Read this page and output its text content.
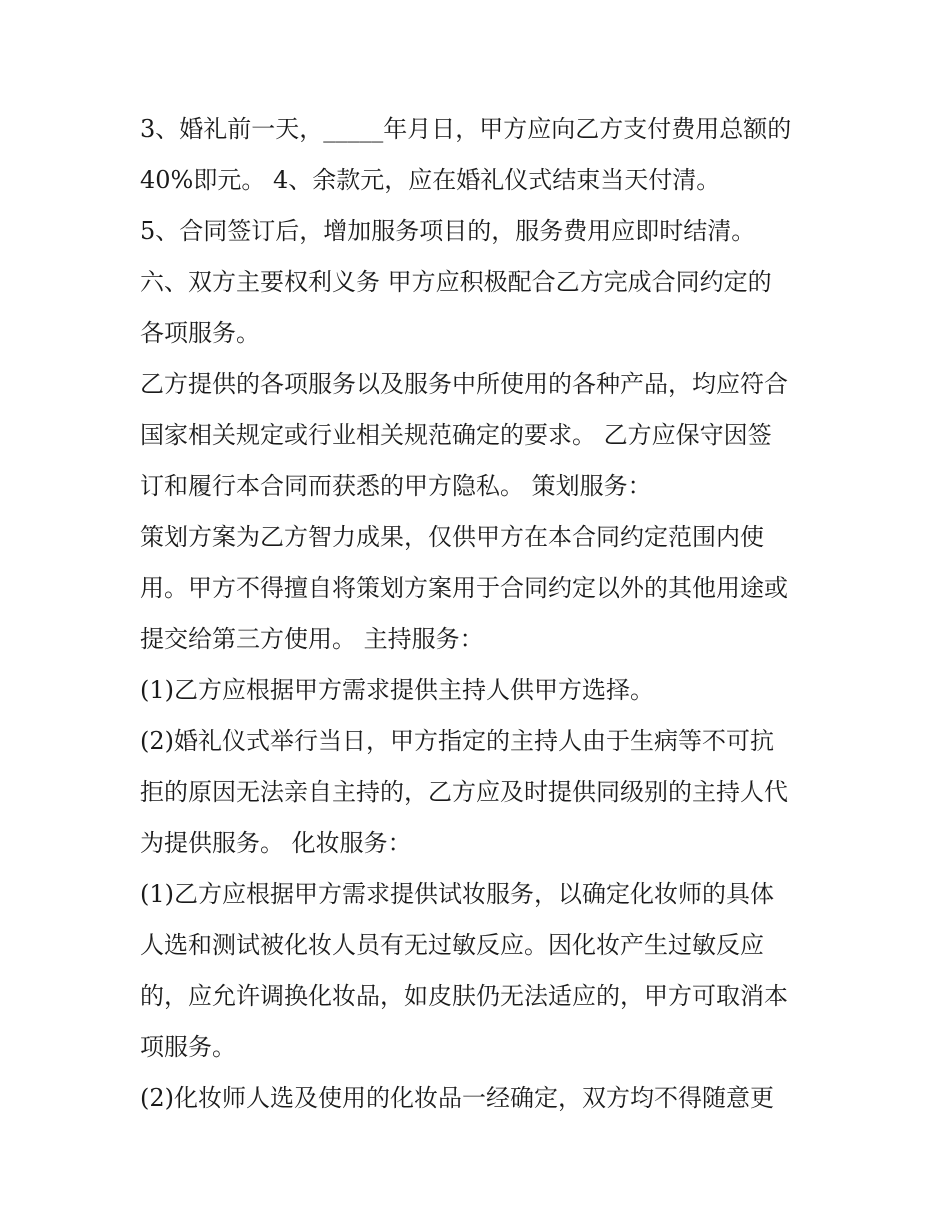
3、婚礼前一天，_____年月日，甲方应向乙方支付费用总额的
40%即元。 4、余款元，应在婚礼仪式结束当天付清。
5、合同签订后，增加服务项目的，服务费用应即时结清。
六、双方主要权利义务 甲方应积极配合乙方完成合同约定的
各项服务。
乙方提供的各项服务以及服务中所使用的各种产品，均应符合
国家相关规定或行业相关规范确定的要求。 乙方应保守因签
订和履行本合同而获悉的甲方隐私。 策划服务：
策划方案为乙方智力成果，仅供甲方在本合同约定范围内使
用。甲方不得擅自将策划方案用于合同约定以外的其他用途或
提交给第三方使用。 主持服务：
(1)乙方应根据甲方需求提供主持人供甲方选择。
(2)婚礼仪式举行当日，甲方指定的主持人由于生病等不可抗
拒的原因无法亲自主持的，乙方应及时提供同级别的主持人代
为提供服务。 化妆服务：
(1)乙方应根据甲方需求提供试妆服务，以确定化妆师的具体
人选和测试被化妆人员有无过敏反应。因化妆产生过敏反应
的，应允许调换化妆品，如皮肤仍无法适应的，甲方可取消本
项服务。
(2)化妆师人选及使用的化妆品一经确定，双方均不得随意更
